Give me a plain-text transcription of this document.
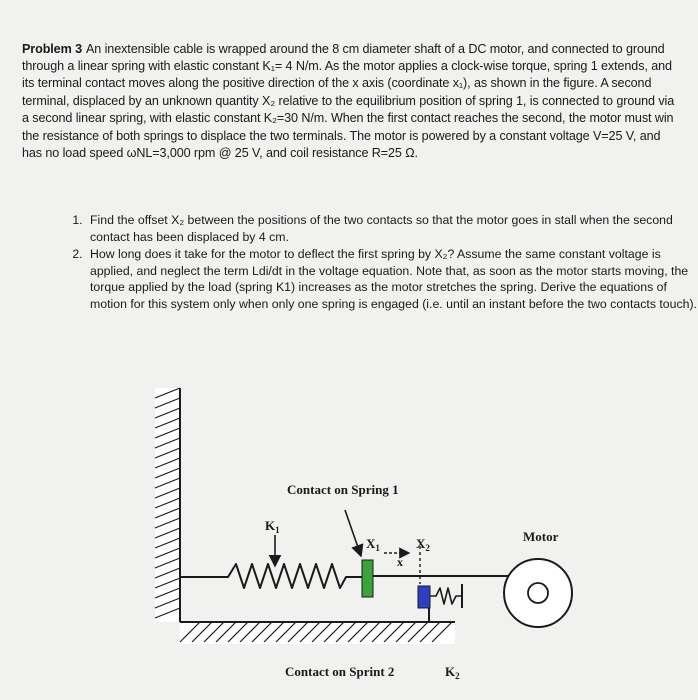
Problem 3 An inextensible cable is wrapped around the 8 cm diameter shaft of a DC motor, and connected to ground through a linear spring with elastic constant K₁= 4 N/m. As the motor applies a clock-wise torque, spring 1 extends, and its terminal contact moves along the positive direction of the x axis (coordinate x₁), as shown in the figure. A second terminal, displaced by an unknown quantity X₂ relative to the equilibrium position of spring 1, is connected to ground via a second linear spring, with elastic constant K₂=30 N/m. When the first contact reaches the second, the motor must win the resistance of both springs to displace the two terminals. The motor is powered by a constant voltage V=25 V, and has no load speed ωNL=3,000 rpm @ 25 V, and coil resistance R=25 Ω.

1. Find the offset X₂ between the positions of the two contacts so that the motor goes in stall when the second contact has been displaced by 4 cm.
2. How long does it take for the motor to deflect the first spring by X₂? Assume the same constant voltage is applied, and neglect the term Ldi/dt in the voltage equation. Note that, as soon as the motor starts moving, the torque applied by the load (spring K1) increases as the motor stretches the spring. Derive the equations of motion for this system only when only one spring is engaged (i.e. until an instant before the two contacts touch).
Contact on Spring 1
$K_1$
$X_1$	$X_2$
x
Motor
Contact on Sprint 2	$K_2$
